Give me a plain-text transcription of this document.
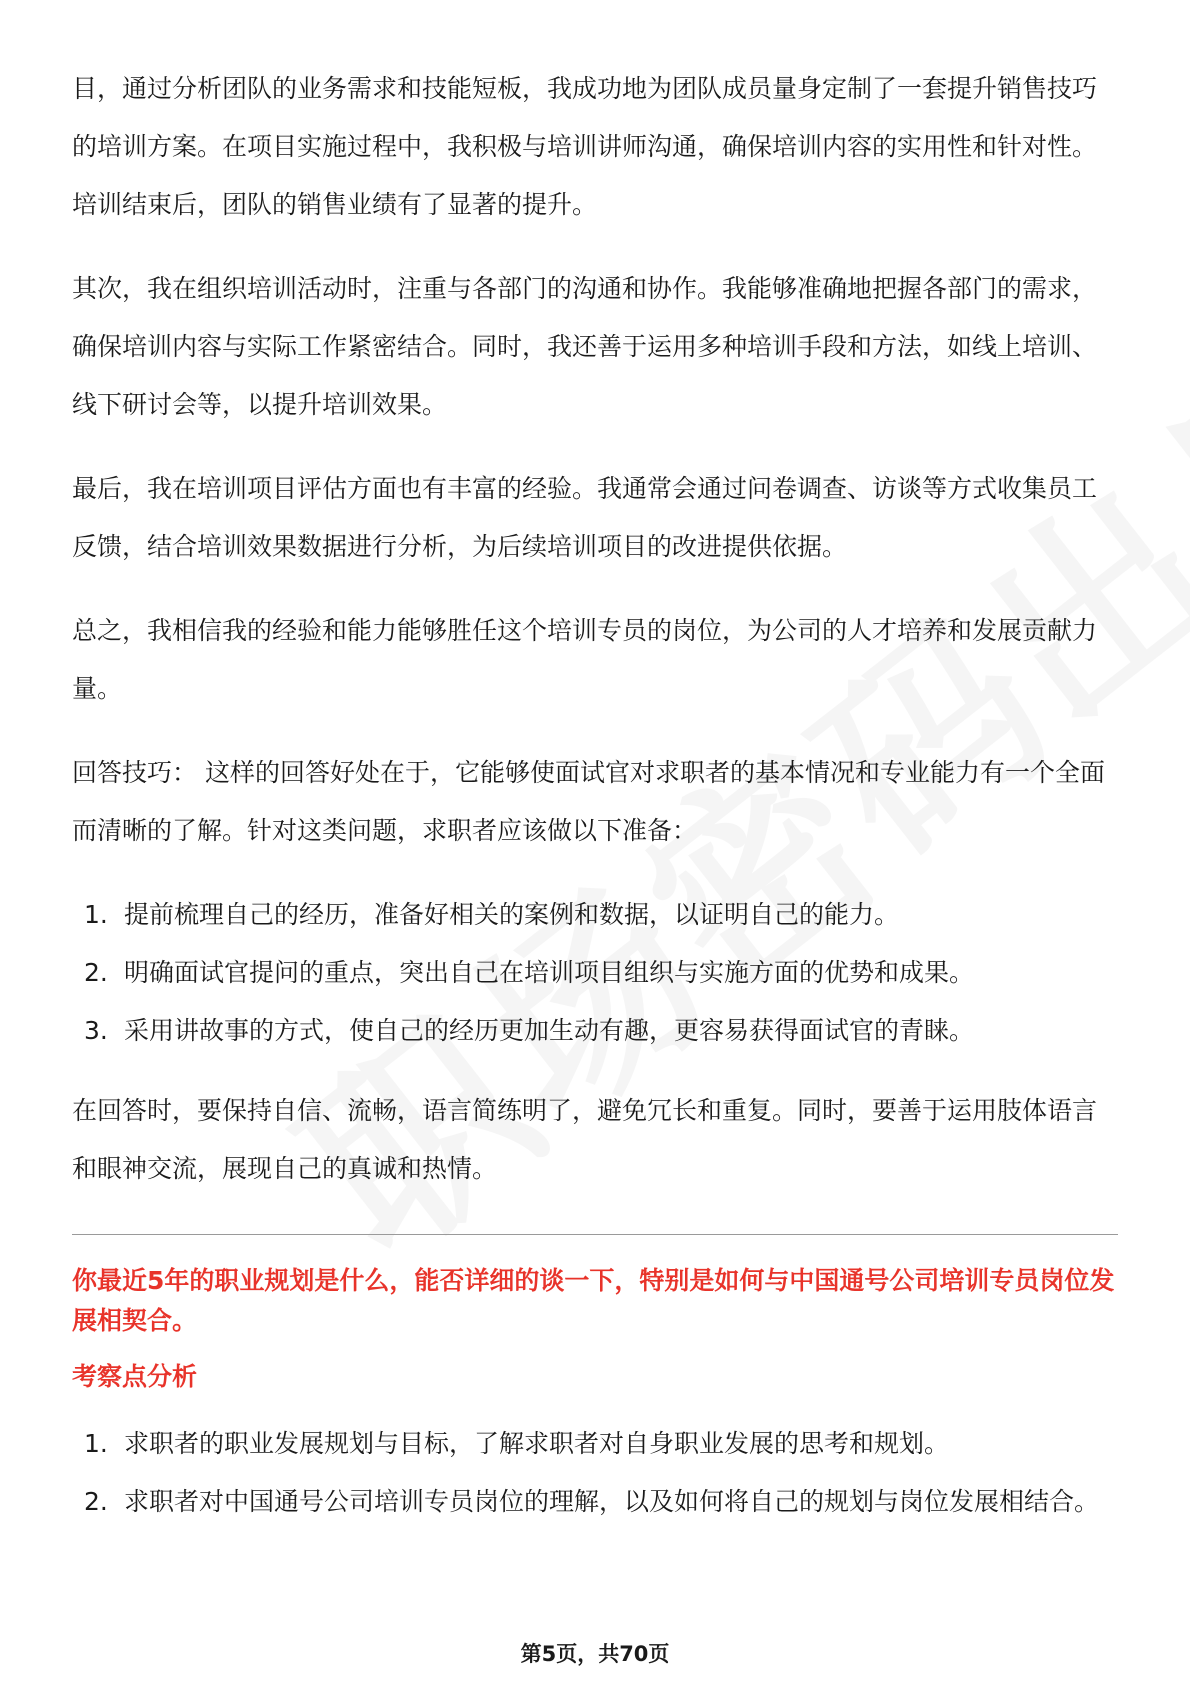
目，通过分析团队的业务需求和技能短板，我成功地为团队成员量身定制了一套提升销售技巧的培训方案。在项目实施过程中，我积极与培训讲师沟通，确保培训内容的实用性和针对性。培训结束后，团队的销售业绩有了显著的提升。

其次，我在组织培训活动时，注重与各部门的沟通和协作。我能够准确地把握各部门的需求，确保培训内容与实际工作紧密结合。同时，我还善于运用多种培训手段和方法，如线上培训、线下研讨会等，以提升培训效果。

最后，我在培训项目评估方面也有丰富的经验。我通常会通过问卷调查、访谈等方式收集员工反馈，结合培训效果数据进行分析，为后续培训项目的改进提供依据。

总之，我相信我的经验和能力能够胜任这个培训专员的岗位，为公司的人才培养和发展贡献力量。

回答技巧： 这样的回答好处在于，它能够使面试官对求职者的基本情况和专业能力有一个全面而清晰的了解。针对这类问题，求职者应该做以下准备：

1. 提前梳理自己的经历，准备好相关的案例和数据，以证明自己的能力。
2. 明确面试官提问的重点，突出自己在培训项目组织与实施方面的优势和成果。
3. 采用讲故事的方式，使自己的经历更加生动有趣，更容易获得面试官的青睐。

在回答时，要保持自信、流畅，语言简练明了，避免冗长和重复。同时，要善于运用肢体语言和眼神交流，展现自己的真诚和热情。

你最近5年的职业规划是什么，能否详细的谈一下，特别是如何与中国通号公司培训专员岗位发展相契合。
考察点分析
1. 求职者的职业发展规划与目标，了解求职者对自身职业发展的思考和规划。
2. 求职者对中国通号公司培训专员岗位的理解，以及如何将自己的规划与岗位发展相结合。
第5页，共70页
